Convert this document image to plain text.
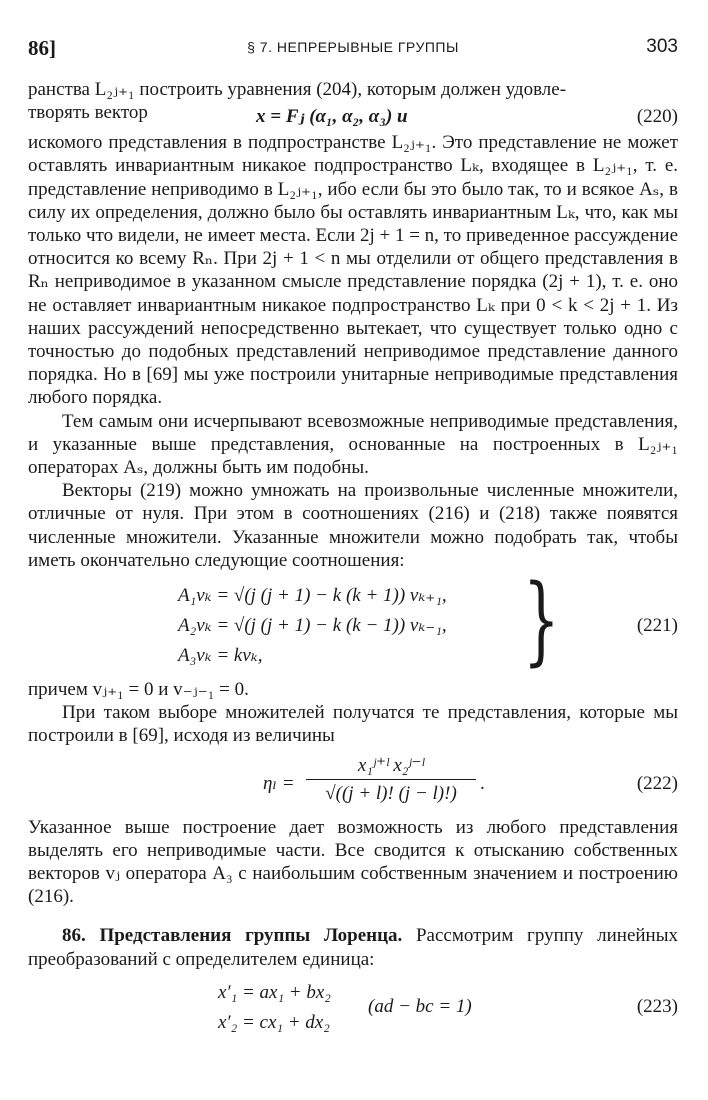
86]	§ 7. НЕПРЕРЫВНЫЕ ГРУППЫ	303

ранства L₂ⱼ₊₁ построить уравнения (204), которым должен удовле-

творять вектор	x = Fⱼ (α₁, α₂, α₃) u	(220)

искомого представления в подпространстве L₂ⱼ₊₁. Это представление не может оставлять инвариантным никакое подпространство Lₖ, входящее в L₂ⱼ₊₁, т. е. представление неприводимо в L₂ⱼ₊₁, ибо если бы это было так, то и всякое Aₛ, в силу их определения, должно было бы оставлять инвариантным Lₖ, что, как мы только что видели, не имеет места. Если 2j + 1 = n, то приведенное рассуждение относится ко всему Rₙ. При 2j + 1 < n мы отделили от общего представления в Rₙ неприводимое в указанном смысле представление порядка (2j + 1), т. е. оно не оставляет инвариантным никакое подпространство Lₖ при 0 < k < 2j + 1. Из наших рассуждений непосредственно вытекает, что существует только одно с точностью до подобных представлений неприводимое представление данного порядка. Но в [69] мы уже построили унитарные неприводимые представления любого порядка.

Тем самым они исчерпывают всевозможные неприводимые представления, и указанные выше представления, основанные на построенных в L₂ⱼ₊₁ операторах Aₛ, должны быть им подобны.

Векторы (219) можно умножать на произвольные численные множители, отличные от нуля. При этом в соотношениях (216) и (218) также появятся численные множители. Указанные множители можно подобрать так, чтобы иметь окончательно следующие соотношения:

A₁vₖ = √(j (j + 1) − k (k + 1)) vₖ₊₁,
A₂vₖ = √(j (j + 1) − k (k − 1)) vₖ₋₁,
A₃vₖ = kvₖ,	}	(221)

причем vⱼ₊₁ = 0 и v₋ⱼ₋₁ = 0.

При таком выборе множителей получатся те представления, которые мы построили в [69], исходя из величины

$\eta_l = \frac{\text{x₁ʲ⁺ˡ x₂ʲ⁻ˡ}}{√((j + l)! (j - l)!)}$ .	(222)

Указанное выше построение дает возможность из любого представления выделять его неприводимые части. Все сводится к отысканию собственных векторов vⱼ оператора A₃ с наибольшим собственным значением и построению (216).

86. Представления группы Лоренца. Рассмотрим группу линейных преобразований с определителем единица:

x′₁ = ax₁ + bx₂
x′₂ = cx₁ + dx₂
(ad − bc = 1)	(223)
